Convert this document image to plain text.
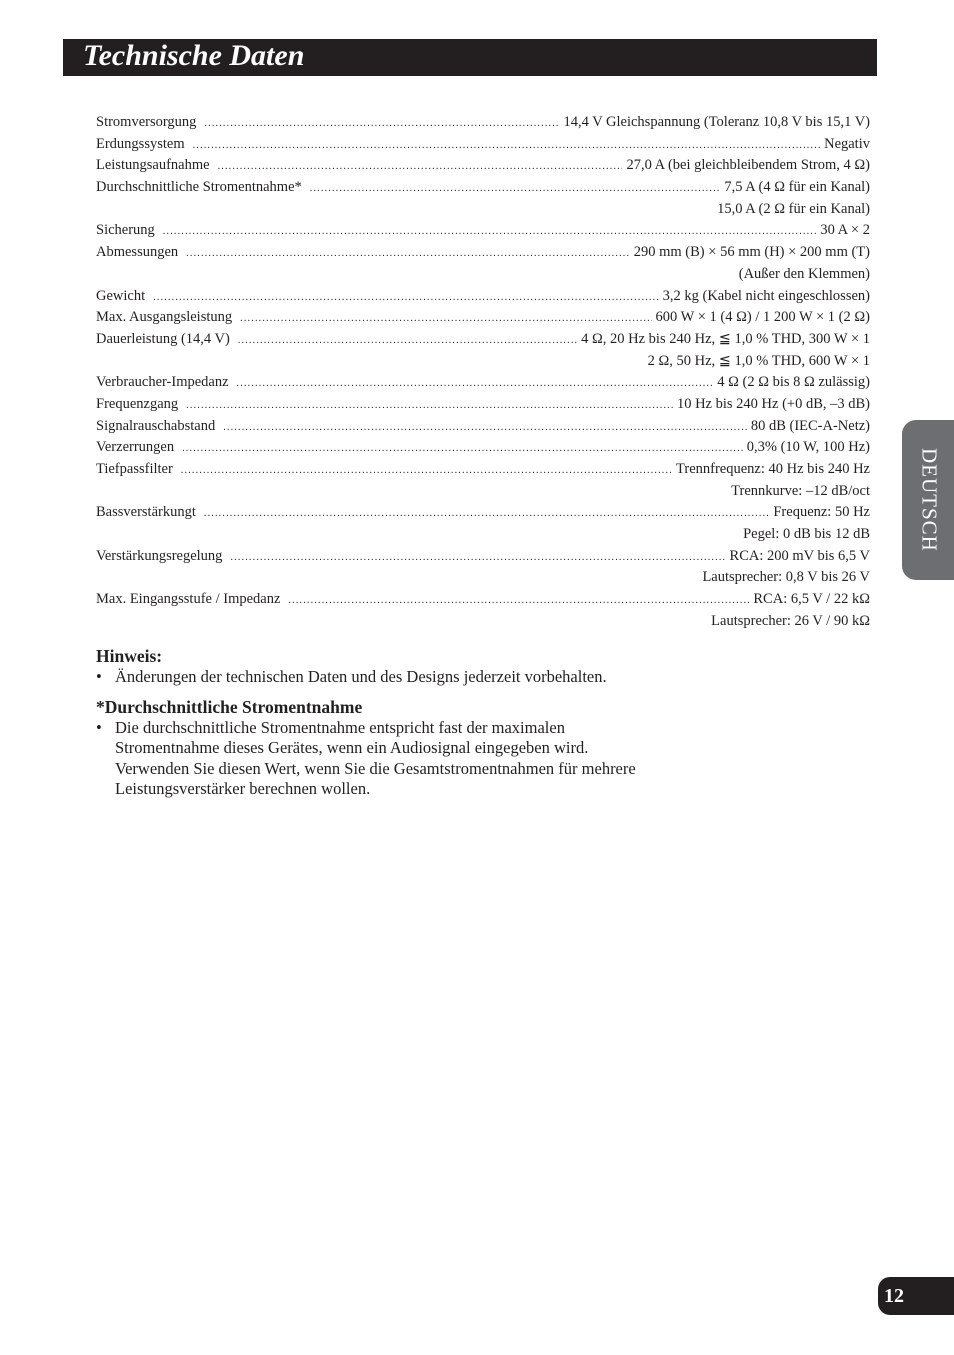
Technische Daten
Stromversorgung .....	14,4 V Gleichspannung (Toleranz 10,8 V bis 15,1 V)
Erdungssystem .....	Negativ
Leistungsaufnahme .....	27,0 A (bei gleichbleibendem Strom, 4 Ω)
Durchschnittliche Stromentnahme* .....	7,5 A (4 Ω für ein Kanal)
15,0 A (2 Ω für ein Kanal)
Sicherung .....	30 A × 2
Abmessungen .....	290 mm (B) × 56 mm (H) × 200 mm (T)
(Außer den Klemmen)
Gewicht .....	3,2 kg (Kabel nicht eingeschlossen)
Max. Ausgangsleistung .....	600 W × 1 (4 Ω) / 1 200 W × 1 (2 Ω)
Dauerleistung (14,4 V) .....	4 Ω, 20 Hz bis 240 Hz, ≦ 1,0 % THD, 300 W × 1
2 Ω, 50 Hz, ≦ 1,0 % THD, 600 W × 1
Verbraucher-Impedanz .....	4 Ω (2 Ω bis 8 Ω zulässig)
Frequenzgang .....	10 Hz bis 240 Hz (+0 dB, –3 dB)
Signalrauschabstand .....	80 dB (IEC-A-Netz)
Verzerrungen .....	0,3% (10 W, 100 Hz)
Tiefpassfilter .....	Trennfrequenz: 40 Hz bis 240 Hz
Trennkurve: –12 dB/oct
Bassverstärkungt .....	Frequenz: 50 Hz
Pegel: 0 dB bis 12 dB
Verstärkungsregelung .....	RCA: 200 mV bis 6,5 V
Lautsprecher: 0,8 V bis 26 V
Max. Eingangsstufe / Impedanz .....	RCA: 6,5 V / 22 kΩ
Lautsprecher: 26 V / 90 kΩ
Hinweis:
• Änderungen der technischen Daten und des Designs jederzeit vorbehalten.
*Durchschnittliche Stromentnahme
• Die durchschnittliche Stromentnahme entspricht fast der maximalen
Stromentnahme dieses Gerätes, wenn ein Audiosignal eingegeben wird.
Verwenden Sie diesen Wert, wenn Sie die Gesamtstromentnahmen für mehrere
Leistungsverstärker berechnen wollen.
DEUTSCH
12
